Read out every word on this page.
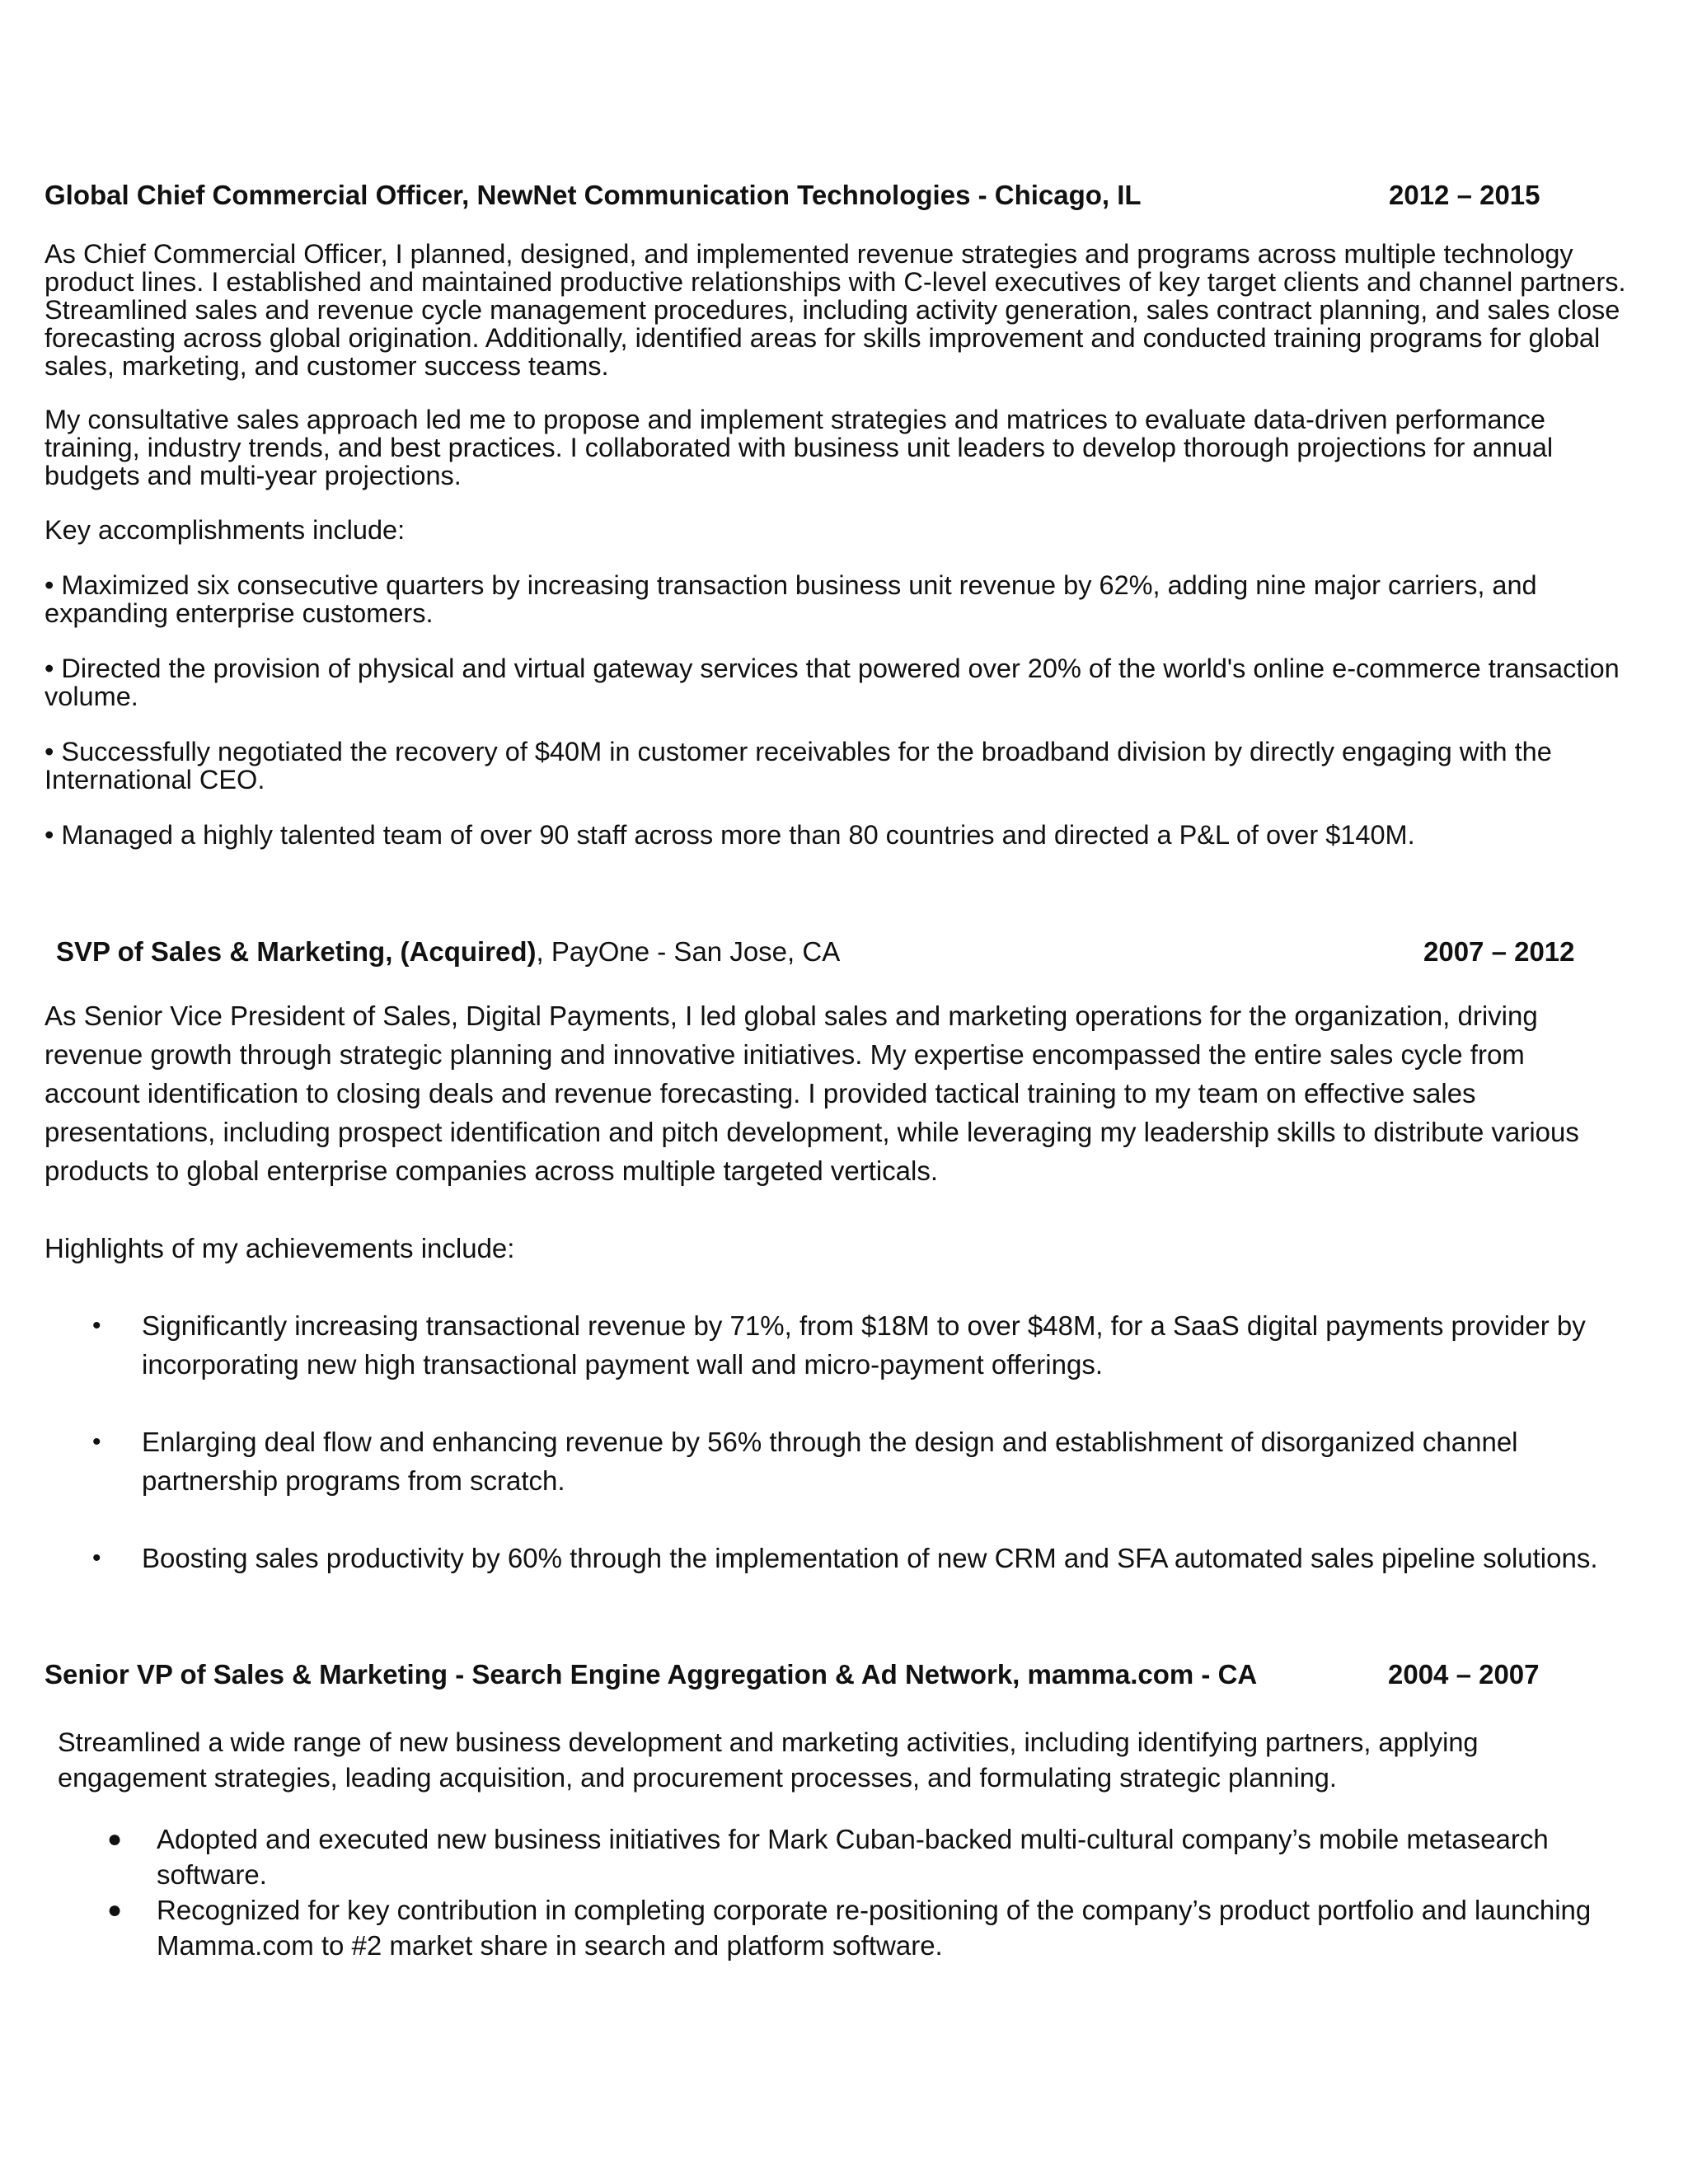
Global Chief Commercial Officer, NewNet Communication Technologies - Chicago, IL	2012 – 2015

As Chief Commercial Officer, I planned, designed, and implemented revenue strategies and programs across multiple technology product lines. I established and maintained productive relationships with C-level executives of key target clients and channel partners. Streamlined sales and revenue cycle management procedures, including activity generation, sales contract planning, and sales close forecasting across global origination. Additionally, identified areas for skills improvement and conducted training programs for global sales, marketing, and customer success teams.

My consultative sales approach led me to propose and implement strategies and matrices to evaluate data-driven performance training, industry trends, and best practices. I collaborated with business unit leaders to develop thorough projections for annual budgets and multi-year projections.

Key accomplishments include:

• Maximized six consecutive quarters by increasing transaction business unit revenue by 62%, adding nine major carriers, and expanding enterprise customers.

• Directed the provision of physical and virtual gateway services that powered over 20% of the world's online e-commerce transaction volume.

• Successfully negotiated the recovery of $40M in customer receivables for the broadband division by directly engaging with the International CEO.

• Managed a highly talented team of over 90 staff across more than 80 countries and directed a P&L of over $140M.

SVP of Sales & Marketing, (Acquired), PayOne - San Jose, CA	2007 – 2012

As Senior Vice President of Sales, Digital Payments, I led global sales and marketing operations for the organization, driving revenue growth through strategic planning and innovative initiatives. My expertise encompassed the entire sales cycle from account identification to closing deals and revenue forecasting. I provided tactical training to my team on effective sales presentations, including prospect identification and pitch development, while leveraging my leadership skills to distribute various products to global enterprise companies across multiple targeted verticals.

Highlights of my achievements include:

• Significantly increasing transactional revenue by 71%, from $18M to over $48M, for a SaaS digital payments provider by incorporating new high transactional payment wall and micro-payment offerings.
• Enlarging deal flow and enhancing revenue by 56% through the design and establishment of disorganized channel partnership programs from scratch.
• Boosting sales productivity by 60% through the implementation of new CRM and SFA automated sales pipeline solutions.
Senior VP of Sales & Marketing - Search Engine Aggregation & Ad Network, mamma.com - CA	2004 – 2007

Streamlined a wide range of new business development and marketing activities, including identifying partners, applying engagement strategies, leading acquisition, and procurement processes, and formulating strategic planning.

● Adopted and executed new business initiatives for Mark Cuban-backed multi-cultural company’s mobile metasearch software.
● Recognized for key contribution in completing corporate re-positioning of the company’s product portfolio and launching Mamma.com to #2 market share in search and platform software.
